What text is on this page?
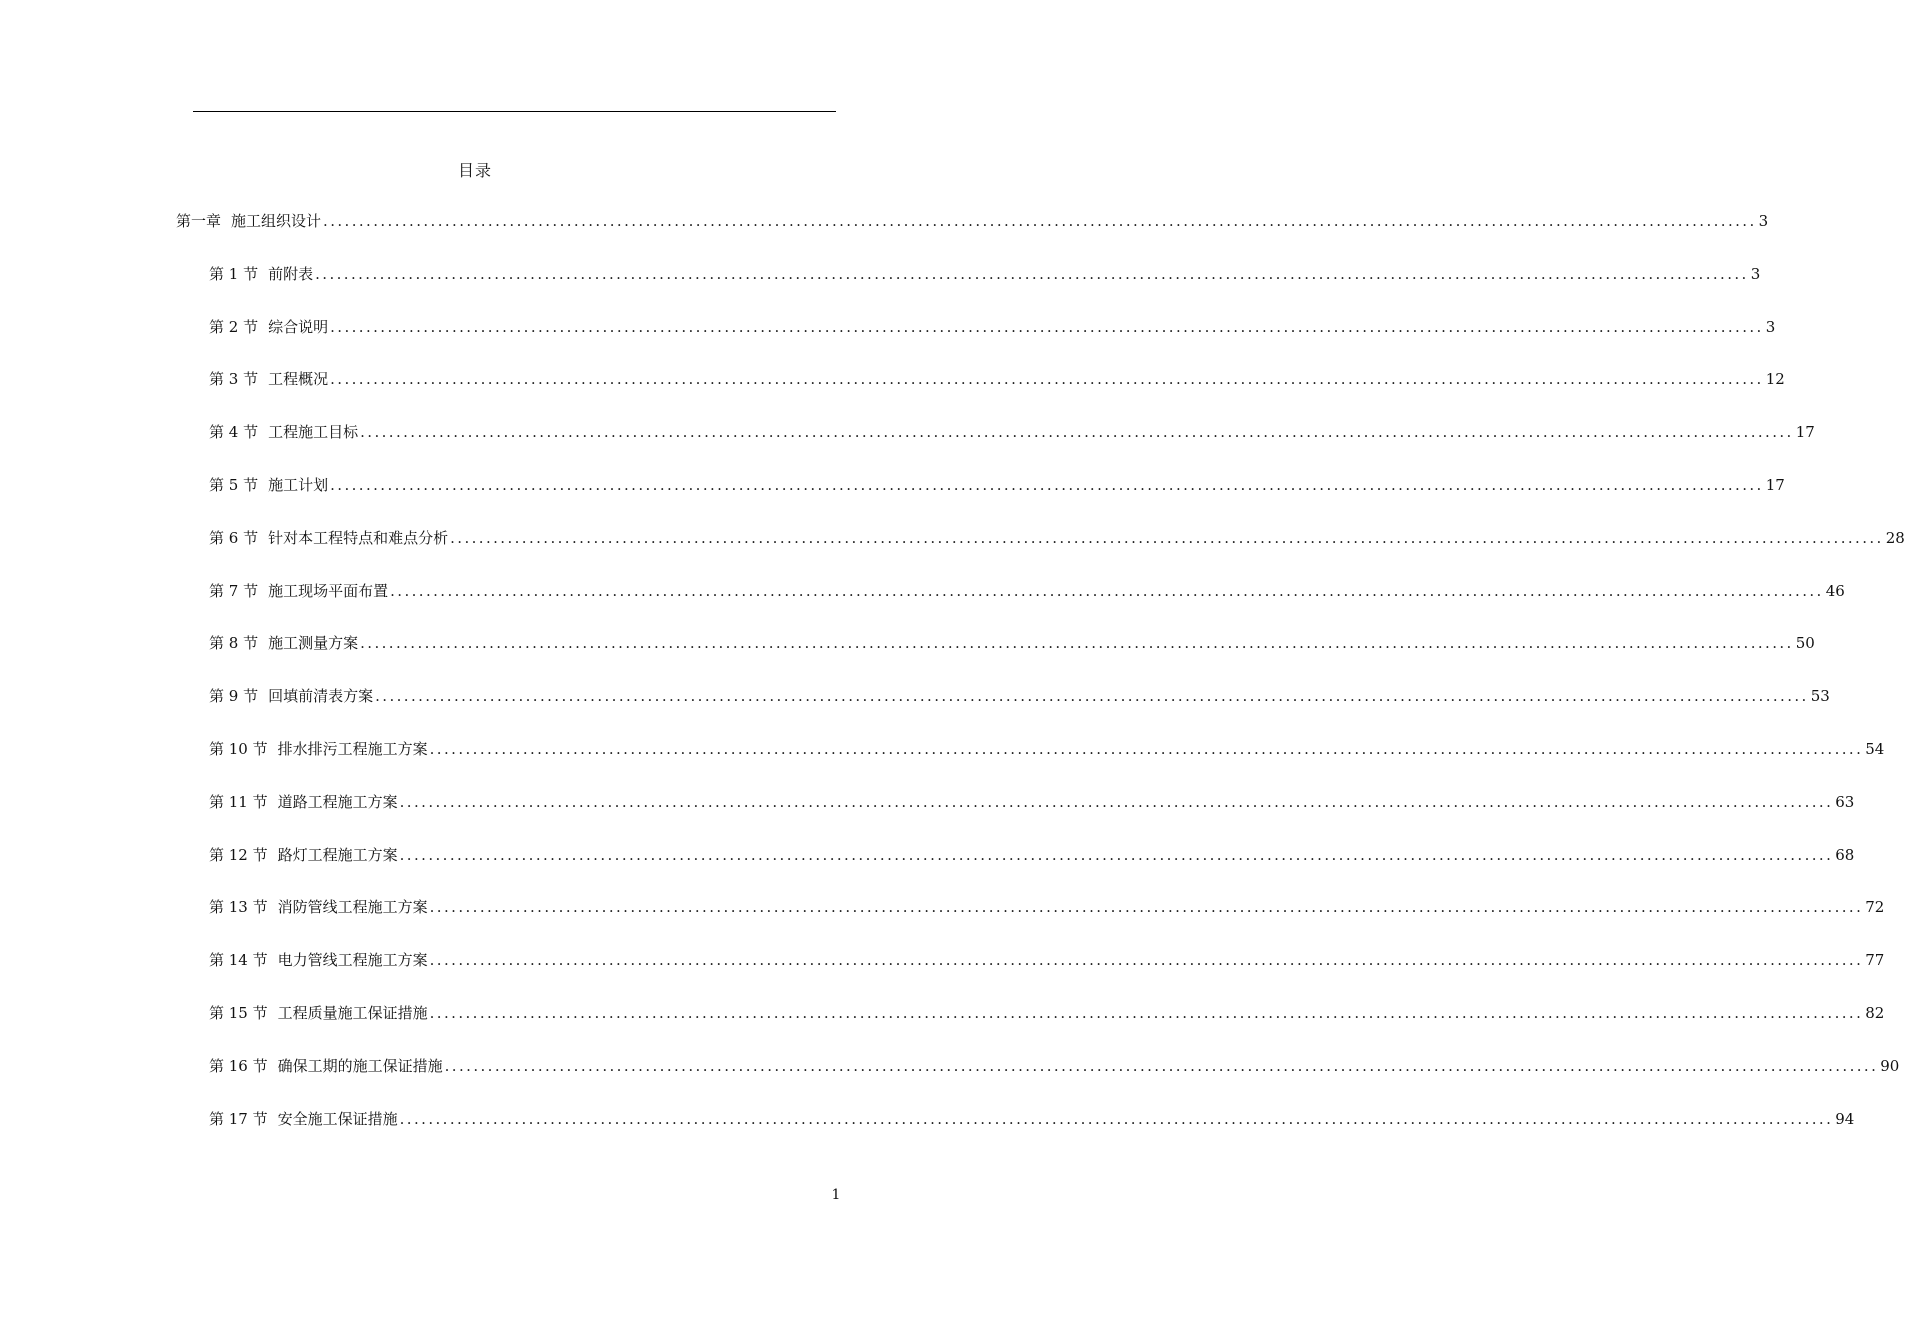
目录
第一章 施工组织设计 ........................................................................................................................................................................................................ 3
第 1 节 前附表 ........................................................................................................................................................................................................ 3
第 2 节 综合说明 ........................................................................................................................................................................................................ 3
第 3 节 工程概况 ........................................................................................................................................................................................................ 12
第 4 节 工程施工目标 ........................................................................................................................................................................................................ 17
第 5 节 施工计划 ........................................................................................................................................................................................................ 17
第 6 节 针对本工程特点和难点分析 ........................................................................................................................................................................................................ 28
第 7 节 施工现场平面布置 ........................................................................................................................................................................................................ 46
第 8 节 施工测量方案 ........................................................................................................................................................................................................ 50
第 9 节 回填前清表方案 ........................................................................................................................................................................................................ 53
第 10 节 排水排污工程施工方案 ........................................................................................................................................................................................................ 54
第 11 节 道路工程施工方案 ........................................................................................................................................................................................................ 63
第 12 节 路灯工程施工方案 ........................................................................................................................................................................................................ 68
第 13 节 消防管线工程施工方案 ........................................................................................................................................................................................................ 72
第 14 节 电力管线工程施工方案 ........................................................................................................................................................................................................ 77
第 15 节 工程质量施工保证措施 ........................................................................................................................................................................................................ 82
第 16 节 确保工期的施工保证措施 ........................................................................................................................................................................................................ 90
第 17 节 安全施工保证措施 ........................................................................................................................................................................................................ 94
1
